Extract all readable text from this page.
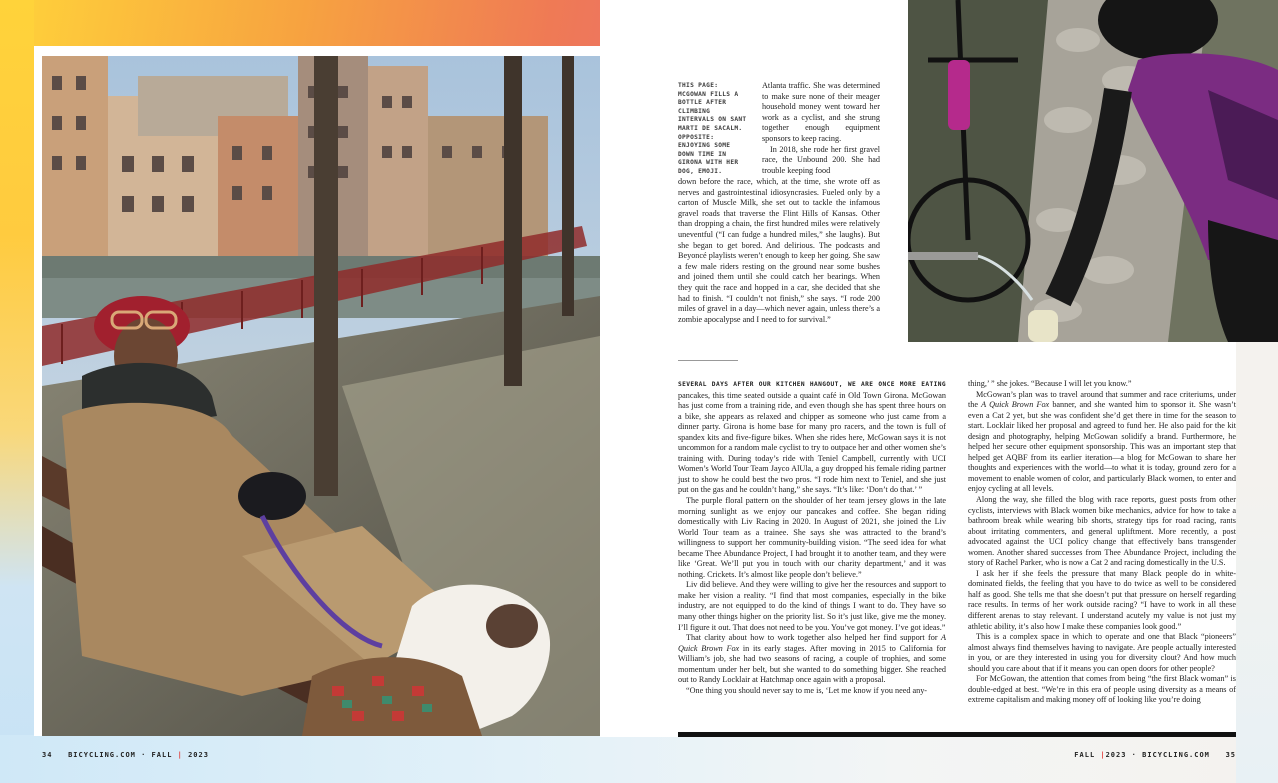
THIS PAGE: MCGOWAN FILLS A BOTTLE AFTER CLIMBING INTERVALS ON SANT MARTI DE SACALM. OPPOSITE: ENJOYING SOME DOWN TIME IN GIRONA WITH HER DOG, EMOJI.

Atlanta traffic. She was determined to make sure none of their meager household money went toward her work as a cyclist, and she strung together enough equipment sponsors to keep racing.

In 2018, she rode her first gravel race, the Unbound 200. She had trouble keeping food

down before the race, which, at the time, she wrote off as nerves and gastrointestinal idiosyncrasies. Fueled only by a carton of Muscle Milk, she set out to tackle the infamous gravel roads that traverse the Flint Hills of Kansas. Other than dropping a chain, the first hundred miles were relatively uneventful (“I can fudge a hundred miles,” she laughs). But she began to get bored. And delirious. The podcasts and Beyoncé playlists weren’t enough to keep her going. She saw a few male riders resting on the ground near some bushes and joined them until she could catch her bearings. When they quit the race and hopped in a car, she decided that she had to finish. “I couldn’t not finish,” she says. “I rode 200 miles of gravel in a day—which never again, unless there’s a zombie apocalypse and I need to for survival.”

SEVERAL DAYS AFTER OUR KITCHEN HANGOUT, WE ARE ONCE MORE EATING pancakes, this time seated outside a quaint café in Old Town Girona. McGowan has just come from a training ride, and even though she has spent three hours on a bike, she appears as relaxed and chipper as someone who just came from a dinner party. Girona is home base for many pro racers, and the town is full of spandex kits and five-figure bikes. When she rides here, McGowan says it is not uncommon for a random male cyclist to try to outpace her and other women she’s training with. During today’s ride with Teniel Campbell, currently with UCI Women’s World Tour Team Jayco AlUla, a guy dropped his female riding partner just to show he could best the two pros. “I rode him next to Teniel, and she just put on the gas and he couldn’t hang,” she says. “It’s like: ‘Don’t do that.’ ”

The purple floral pattern on the shoulder of her team jersey glows in the late morning sunlight as we enjoy our pancakes and coffee. She began riding domestically with Liv Racing in 2020. In August of 2021, she joined the Liv World Tour team as a trainee. She says she was attracted to the brand’s willingness to support her community-building vision. “The seed idea for what became Thee Abundance Project, I had brought it to another team, and they were like ‘Great. We’ll put you in touch with our charity department,’ and it was nothing. Crickets. It’s almost like people don’t believe.”

Liv did believe. And they were willing to give her the resources and support to make her vision a reality. “I find that most companies, especially in the bike industry, are not equipped to do the kind of things I want to do. They have so many other things higher on the priority list. So it’s just like, give me the money. I’ll figure it out. That does not need to be you. You’ve got money. I’ve got ideas.”

That clarity about how to work together also helped her find support for A Quick Brown Fox in its early stages. After moving in 2015 to California for William’s job, she had two seasons of racing, a couple of trophies, and some momentum under her belt, but she wanted to do something bigger. She reached out to Randy Locklair at Hatchmap once again with a proposal.

“One thing you should never say to me is, ‘Let me know if you need any-

thing,’ ” she jokes. “Because I will let you know.”

McGowan’s plan was to travel around that summer and race criteriums, under the A Quick Brown Fox banner, and she wanted him to sponsor it. She wasn’t even a Cat 2 yet, but she was confident she’d get there in time for the season to start. Locklair liked her proposal and agreed to fund her. He also paid for the kit design and photography, helping McGowan solidify a brand. Furthermore, he helped her secure other equipment sponsorship. This was an important step that helped get AQBF from its earlier iteration—a blog for McGowan to share her thoughts and experiences with the world—to what it is today, ground zero for a movement to enable women of color, and particularly Black women, to enter and enjoy cycling at all levels.

Along the way, she filled the blog with race reports, guest posts from other cyclists, interviews with Black women bike mechanics, advice for how to take a bathroom break while wearing bib shorts, strategy tips for road racing, rants about irritating commenters, and general upliftment. More recently, a post advocated against the UCI policy change that effectively bans transgender women. Another shared successes from Thee Abundance Project, including the story of Rachel Parker, who is now a Cat 2 and racing domestically in the U.S.

I ask her if she feels the pressure that many Black people do in white-dominated fields, the feeling that you have to do twice as well to be considered half as good. She tells me that she doesn’t put that pressure on herself regarding race results. In terms of her work outside racing? “I have to work in all these different arenas to stay relevant. I understand acutely my value is not just my athletic ability, it’s also how I make these companies look good.”

This is a complex space in which to operate and one that Black “pioneers” almost always find themselves having to navigate. Are people actually interested in you, or are they interested in using you for diversity clout? And how much should you care about that if it means you can open doors for other people?

For McGowan, the attention that comes from being “the first Black woman” is double-edged at best. “We’re in this era of people using diversity as a means of extreme capitalism and making money off of looking like you’re doing

34 BICYCLING.COM · FALL | 2023	FALL |2023 · BICYCLING.COM 35
